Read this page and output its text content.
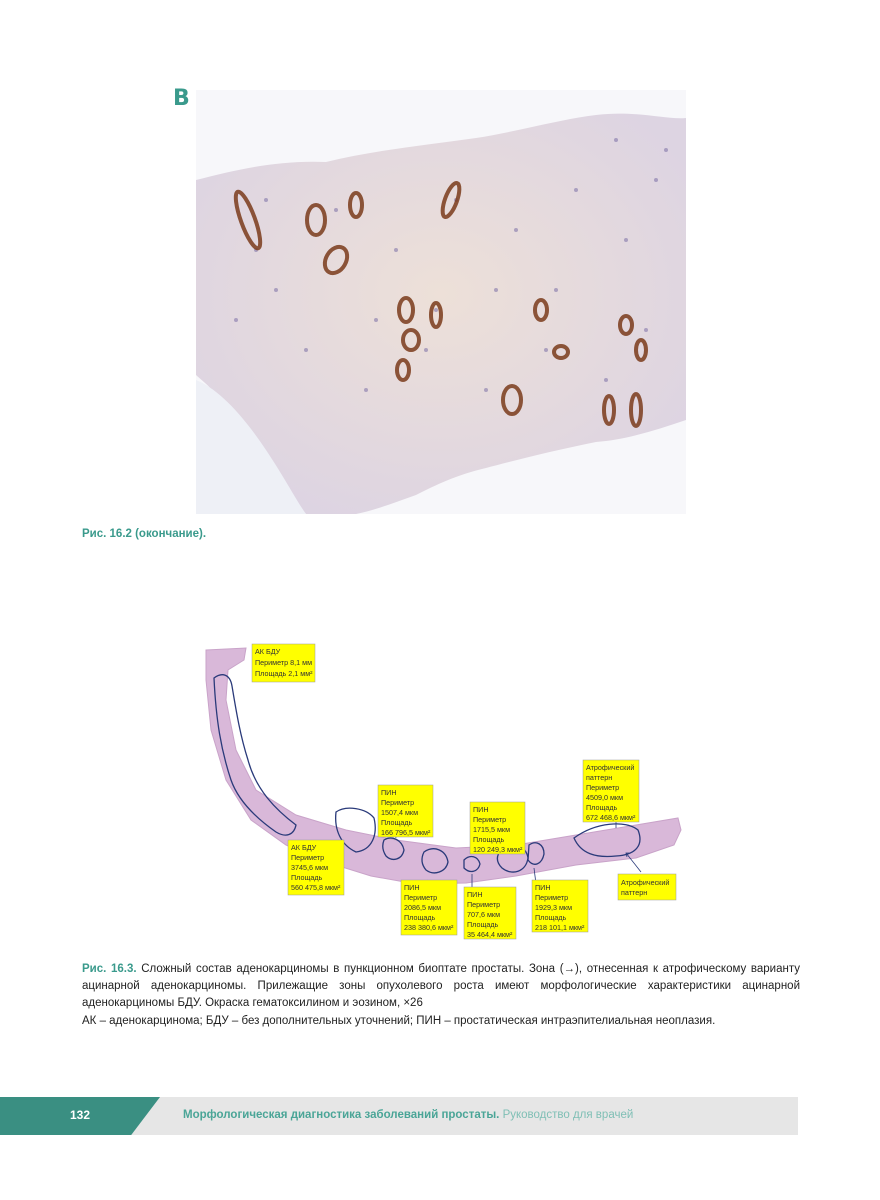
В
Рис. 16.2 (окончание).
АК БДУ
Периметр 8,1 мм
Площадь 2,1 мм²
ПИН
Периметр
1507,4 мкм
Площадь
166 796,5 мкм²
ПИН
Периметр
1715,5 мкм
Площадь
120 249,3 мкм²
Атрофический
паттерн
Периметр
4509,0 мкм
Площадь
672 468,6 мкм²
АК БДУ
Периметр
3745,6 мкм
Площадь
560 475,8 мкм²	ПИН
Периметр
2086,5 мкм
Площадь
238 380,6 мкм²
ПИН
Периметр
707,6 мкм
Площадь
35 464,4 мкм²
ПИН
Периметр
1929,3 мкм
Площадь
218 101,1 мкм²
Атрофический
паттерн
Рис. 16.3. Сложный состав аденокарциномы в пункционном биоптате простаты. Зона (→), отнесенная к атрофическому варианту ацинарной аденокарциномы. Прилежащие зоны опухолевого роста имеют морфологические характеристики ацинарной аденокарциномы БДУ. Окраска гематоксилином и эозином, ×26
АК – аденокарцинома; БДУ – без дополнительных уточнений; ПИН – простатическая интраэпителиальная неоплазия.
132	Морфологическая диагностика заболеваний простаты. Руководство для врачей
